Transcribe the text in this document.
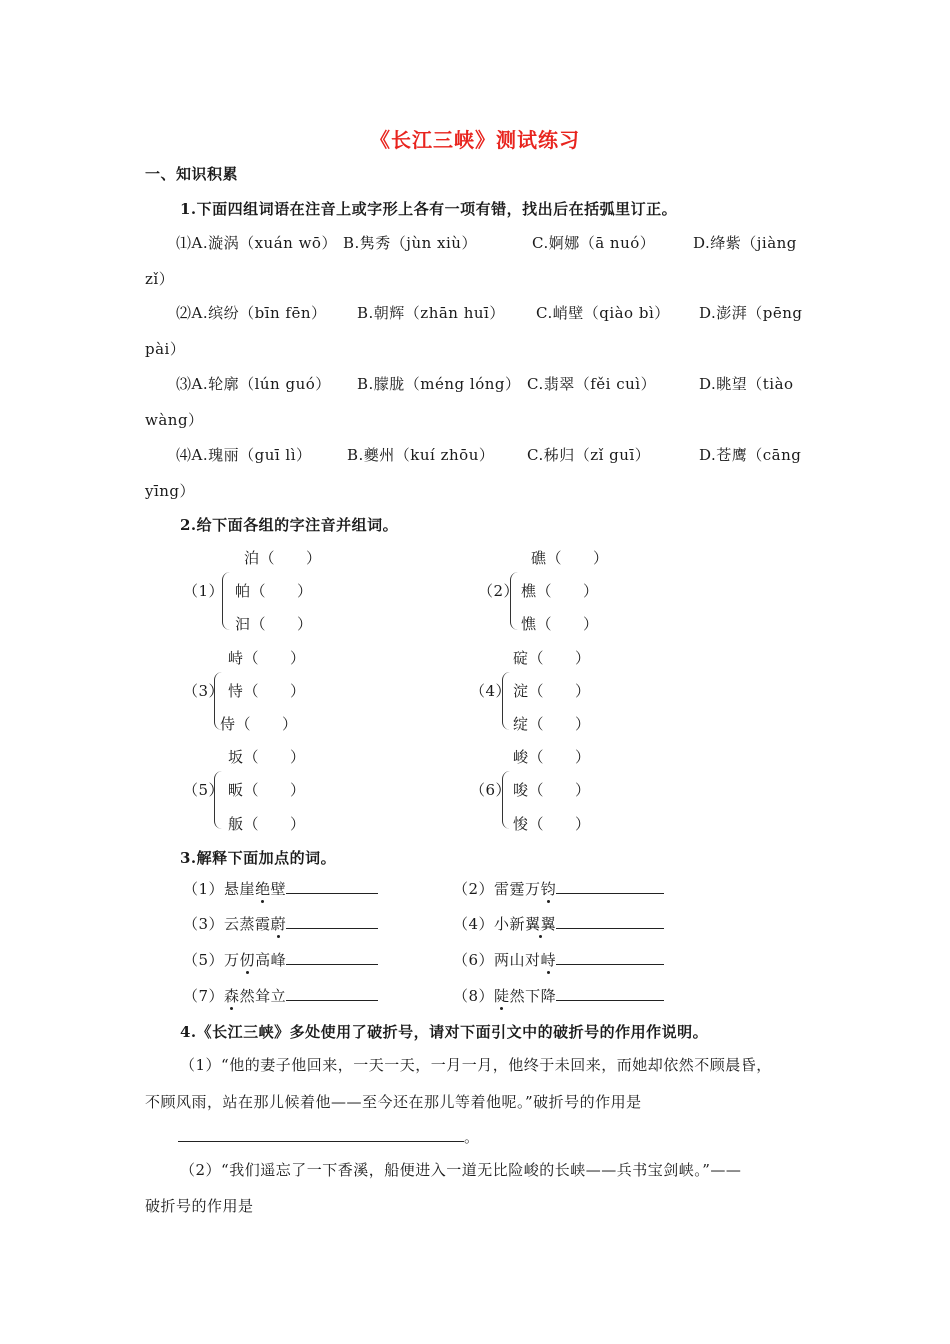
《长江三峡》测试练习
一、知识积累
1.下面四组词语在注音上或字形上各有一项有错，找出后在括弧里订正。
⑴A.漩涡（xuán wō） B.隽秀（jùn xiù）	C.婀娜（ā nuó）	D.绛紫（jiàng
zǐ）
⑵A.缤纷（bīn fēn） B.朝辉（zhān huī） C.峭壁（qiào bì） D.澎湃（pēng
pài）
⑶A.轮廓（lún guó） B.朦胧（méng lóng） C.翡翠（fěi cuì）	D.眺望（tiào
wàng）
⑷A.瑰丽（guī lì） B.夔州（kuí zhōu） C.秭归（zǐ guī）	D.苍鹰（cāng
yīng）
2.给下面各组的字注音并组词。
（1）
泊（　　）
帕（　　）
汩（　　）
（2）
礁（　　）
樵（　　）
憔（　　）
（3）
峙（　　）
恃（　　）
侍（　　）
（4）
碇（　　）
淀（　　）
绽（　　）
（5）
坂（　　）
畈（　　）
舨（　　）
（6）
峻（　　）
唆（　　）
悛（　　）
3.解释下面加点的词。
（1）悬崖绝壁	（2）雷霆万钧
（3）云蒸霞蔚	（4）小新翼翼
（5）万仞高峰	（6）两山对峙
（7）森然耸立	（8）陡然下降
4.《长江三峡》多处使用了破折号，请对下面引文中的破折号的作用作说明。
（1）“他的妻子他回来，一天一天，一月一月，他终于未回来，而她却依然不顾晨昏，
不顾风雨，站在那儿候着他——至今还在那儿等着他呢。”破折号的作用是
。
（2）“我们遥忘了一下香溪，船便进入一道无比险峻的长峡——兵书宝剑峡。”——
破折号的作用是
